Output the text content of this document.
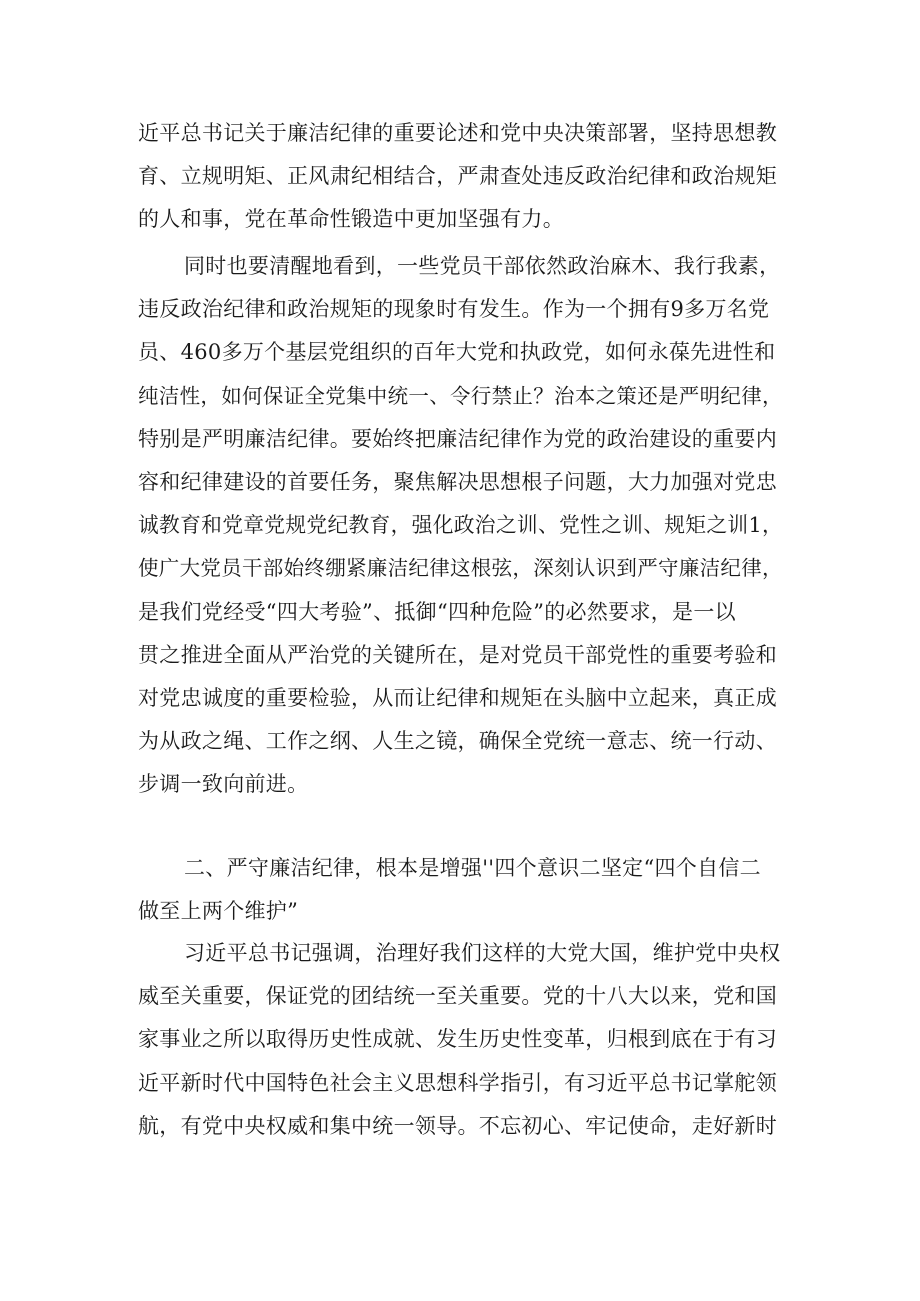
近平总书记关于廉洁纪律的重要论述和党中央决策部署，坚持思想教
育、立规明矩、正风肃纪相结合，严肃查处违反政治纪律和政治规矩
的人和事，党在革命性锻造中更加坚强有力。
同时也要清醒地看到，一些党员干部依然政治麻木、我行我素，
违反政治纪律和政治规矩的现象时有发生。作为一个拥有9多万名党
员、460多万个基层党组织的百年大党和执政党，如何永葆先进性和
纯洁性，如何保证全党集中统一、令行禁止？治本之策还是严明纪律，
特别是严明廉洁纪律。要始终把廉洁纪律作为党的政治建设的重要内
容和纪律建设的首要任务，聚焦解决思想根子问题，大力加强对党忠
诚教育和党章党规党纪教育，强化政治之训、党性之训、规矩之训1，
使广大党员干部始终绷紧廉洁纪律这根弦，深刻认识到严守廉洁纪律，
是我们党经受“四大考验”、抵御“四种危险”的必然要求，是一以
贯之推进全面从严治党的关键所在，是对党员干部党性的重要考验和
对党忠诚度的重要检验，从而让纪律和规矩在头脑中立起来，真正成
为从政之绳、工作之纲、人生之镜，确保全党统一意志、统一行动、
步调一致向前进。
二、严守廉洁纪律，根本是增强''四个意识二坚定“四个自信二
做至上两个维护”
习近平总书记强调，治理好我们这样的大党大国，维护党中央权
威至关重要，保证党的团结统一至关重要。党的十八大以来，党和国
家事业之所以取得历史性成就、发生历史性变革，归根到底在于有习
近平新时代中国特色社会主义思想科学指引，有习近平总书记掌舵领
航，有党中央权威和集中统一领导。不忘初心、牢记使命，走好新时
